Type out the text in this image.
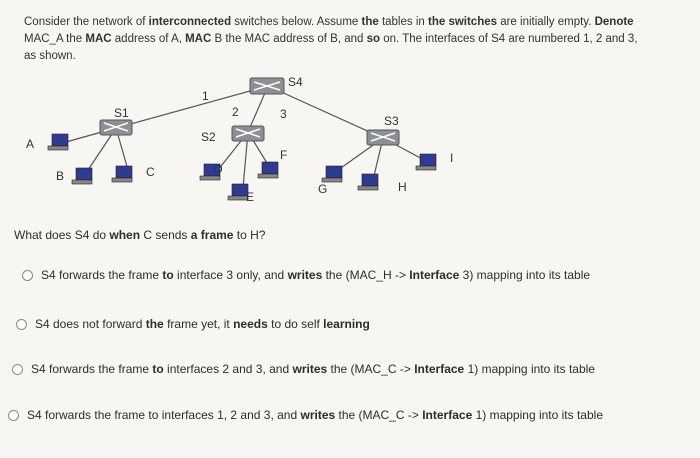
Consider the network of interconnected switches below. Assume the tables in the switches are initially empty. Denote
MAC_A the MAC address of A, MAC B the MAC address of B, and so on. The interfaces of S4 are numbered 1, 2 and 3,
as shown.
S4
S1
S2
S3
1
2	3
A
B	C	D
E
F
G	H
I
What does S4 do when C sends a frame to H?
S4 forwards the frame to interface 3 only, and writes the (MAC_H -> Interface 3) mapping into its table
S4 does not forward the frame yet, it needs to do self learning
S4 forwards the frame to interfaces 2 and 3, and writes the (MAC_C -> Interface 1) mapping into its table
S4 forwards the frame to interfaces 1, 2 and 3, and writes the (MAC_C -> Interface 1) mapping into its table
